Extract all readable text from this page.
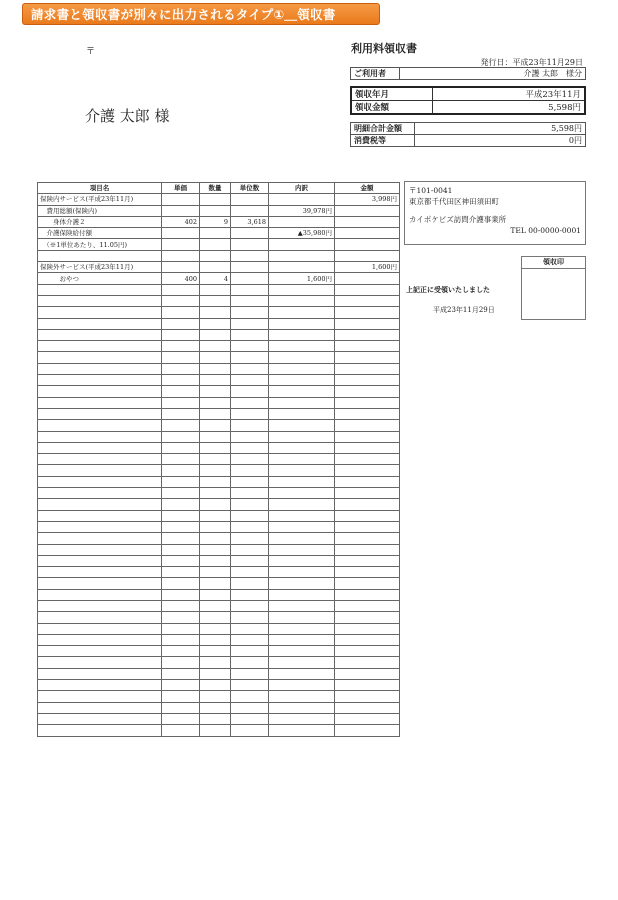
請求書と領収書が別々に出力されるタイプ①＿領収書
〒
介護 太郎 様
利用料領収書
発行日：平成23年11月29日
ご利用者	介護 太郎　様分
領収年月	平成23年11月
領収金額	5,598円
明細合計金額	5,598円
消費税等	0円
項目名	単価	数量	単位数	内訳	金額
保険内サービス(平成23年11月)					3,998円
　費用総額(保険内)				39,978円	
　　身体介護２	402	9	3,618		
　介護保険給付額				▲35,980円	
　（※1単位あたり、11.05円)					

保険外サービス(平成23年11月)					1,600円
　　　おやつ	400	4		1,600円	

〒101-0041
東京都千代田区神田須田町
カイポケビズ訪問介護事業所
TEL 00-0000-0001
領収印
上記正に受領いたしました
平成23年11月29日
